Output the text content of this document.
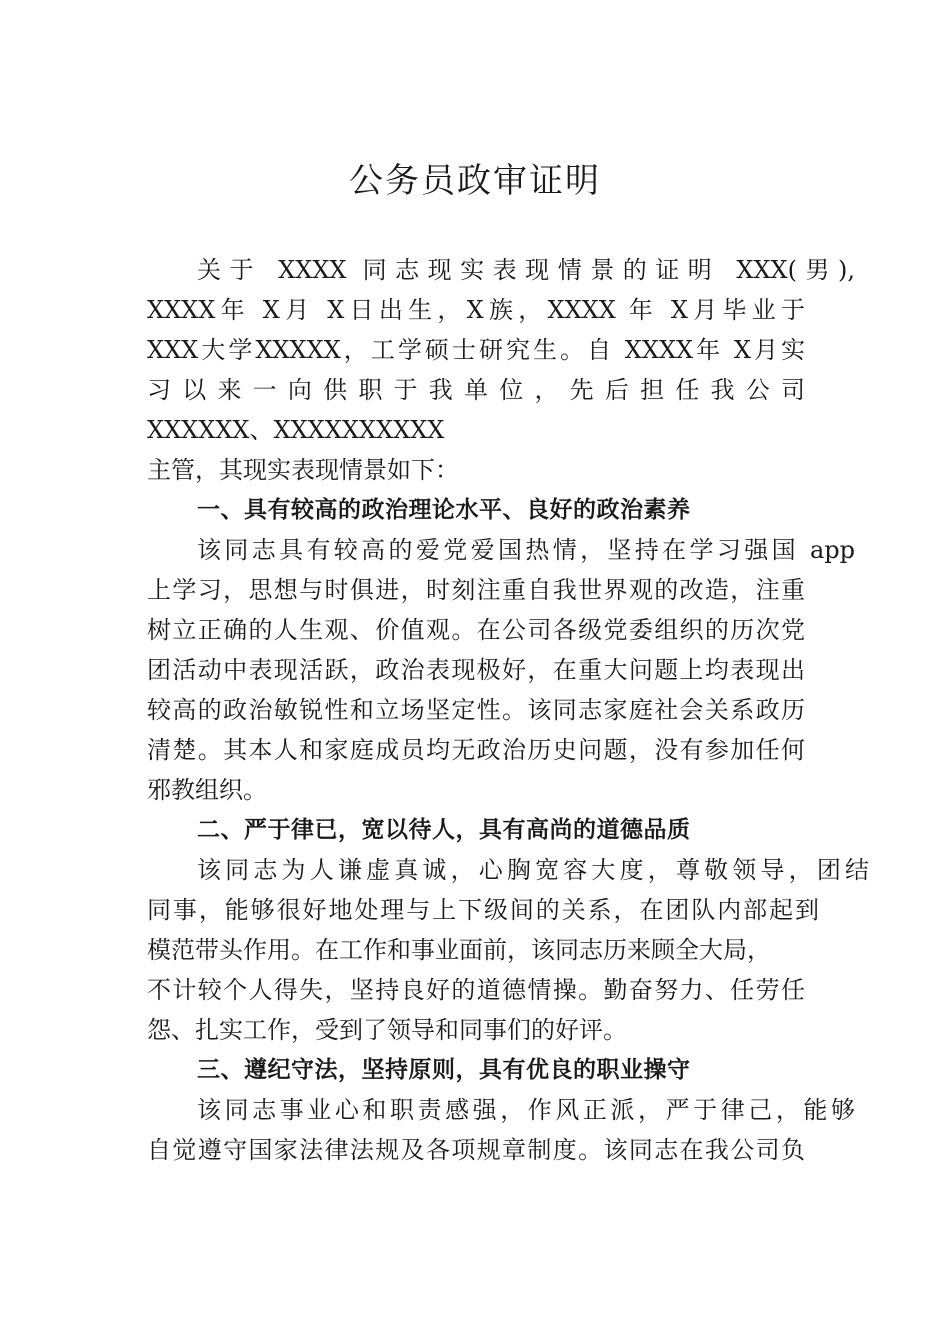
公务员政审证明
关于 XXXX 同志现实表现情景的证明 XXX(男),
XXXX年 X月 X日出生，X族，XXXX 年 X月毕业于
XXX大学XXXXX，工学硕士研究生。自 XXXX年 X月实
习以来一向供职于我单位，先后担任我公司
XXXXXX、XXXXXXXXXX
主管，其现实表现情景如下：
一、具有较高的政治理论水平、良好的政治素养
该同志具有较高的爱党爱国热情，坚持在学习强国 app
上学习，思想与时俱进，时刻注重自我世界观的改造，注重
树立正确的人生观、价值观。在公司各级党委组织的历次党
团活动中表现活跃，政治表现极好，在重大问题上均表现出
较高的政治敏锐性和立场坚定性。该同志家庭社会关系政历
清楚。其本人和家庭成员均无政治历史问题，没有参加任何
邪教组织。
二、严于律已，宽以待人，具有高尚的道德品质
该同志为人谦虚真诚，心胸宽容大度，尊敬领导，团结
同事，能够很好地处理与上下级间的关系，在团队内部起到
模范带头作用。在工作和事业面前，该同志历来顾全大局，
不计较个人得失，坚持良好的道德情操。勤奋努力、任劳任
怨、扎实工作，受到了领导和同事们的好评。
三、遵纪守法，坚持原则，具有优良的职业操守
该同志事业心和职责感强，作风正派，严于律己，能够
自觉遵守国家法律法规及各项规章制度。该同志在我公司负
